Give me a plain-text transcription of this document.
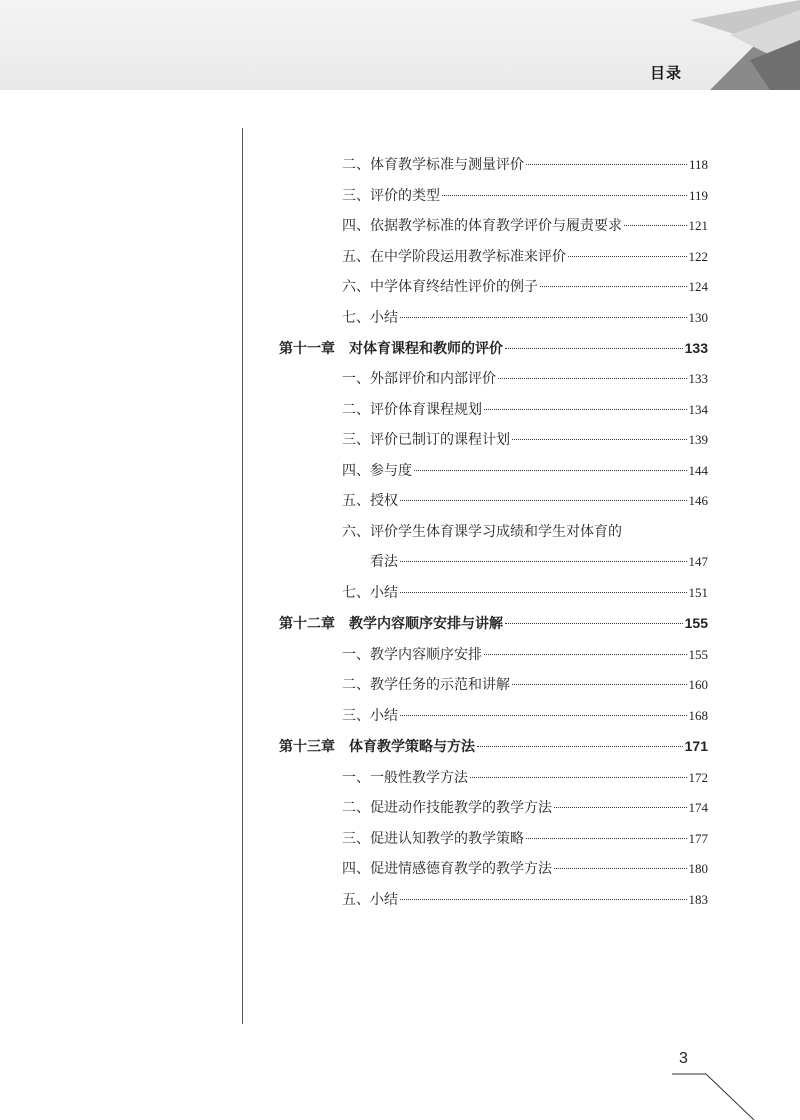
目录
二、体育教学标准与测量评价	118
三、评价的类型	119
四、依据教学标准的体育教学评价与履责要求	121
五、在中学阶段运用教学标准来评价	122
六、中学体育终结性评价的例子	124
七、小结	130
第十一章　对体育课程和教师的评价	133
一、外部评价和内部评价	133
二、评价体育课程规划	134
三、评价已制订的课程计划	139
四、参与度	144
五、授权	146
六、评价学生体育课学习成绩和学生对体育的
看法	147
七、小结	151
第十二章　教学内容顺序安排与讲解	155
一、教学内容顺序安排	155
二、教学任务的示范和讲解	160
三、小结	168
第十三章　体育教学策略与方法	171
一、一般性教学方法	172
二、促进动作技能教学的教学方法	174
三、促进认知教学的教学策略	177
四、促进情感德育教学的教学方法	180
五、小结	183
3
